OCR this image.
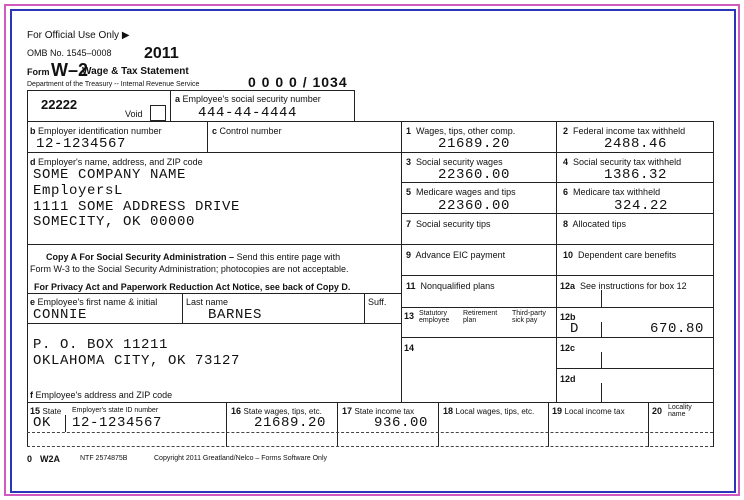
For Official Use Only ▶
OMB No. 1545–0008 2011
Form W–2
Wage & Tax Statement
Department of the Treasury -- Internal Revenue Service	0 0 0 0 / 1034
22222
Void
a Employee's social security number
444-44-4444
b Employer identification number
12-1234567
c Control number
d Employer's name, address, and ZIP code
SOME COMPANY NAME
EmployersL
1111 SOME ADDRESS DRIVE
SOMECITY, OK 00000
Copy A For Social Security Administration – Send this entire page with
Form W-3 to the Social Security Administration; photocopies are not acceptable.
For Privacy Act and Paperwork Reduction Act Notice, see back of Copy D.
e Employee's first name & initial	Last name	Suff.
CONNIE	BARNES
P. O. BOX 11211
OKLAHOMA CITY, OK 73127
f Employee's address and ZIP code
1 Wages, tips, other comp.
21689.20
2 Federal income tax withheld
2488.46
3 Social security wages
22360.00
4 Social security tax withheld
1386.32
5 Medicare wages and tips
22360.00
6 Medicare tax withheld
324.22
7 Social security tips	8 Allocated tips
9 Advance EIC payment	10 Dependent care benefits
11 Nonqualified plans	12a See instructions for box 12
13 Statutory employee
Retirement plan
Third-party sick pay	12b
D	670.80
14	12c
12d
15 State Employer's state ID number
OK 12-1234567
16 State wages, tips, etc.
21689.20
17 State income tax
936.00
18 Local wages, tips, etc. 19 Local income tax	20 Locality name
0 W2A	NTF 2574875B	Copyright 2011 Greatland/Nelco – Forms Software Only
